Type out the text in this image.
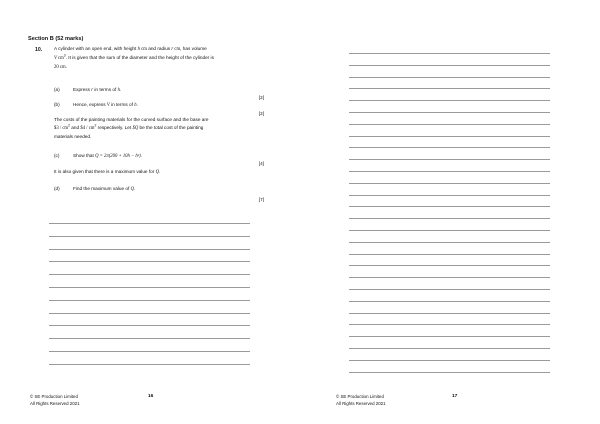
Section B (52 marks)
10.	A cylinder with an open end, with height h cm and radius r cm, has volume
V $cm^3$. It is given that the sum of the diameter and the height of the cylinder is
20 cm.
(a)	Express r in terms of h.
[2]
(b)	Hence, express V in terms of h.
[2]
The costs of the painting materials for the curved surface and the base are
$3 / $cm^2$ and $4 / $cm^2$ respectively. Let $Q be the total cost of the painting
materials needed.
(c)	Show that Q = 2π(200 + 10h − h²).
[4]
It is also given that there is a maximum value for Q.
(d)	Find the maximum value of Q.
[7]
© SE Production Limited
All Rights Reserved 2021
16	© SE Production Limited
All Rights Reserved 2021
17
